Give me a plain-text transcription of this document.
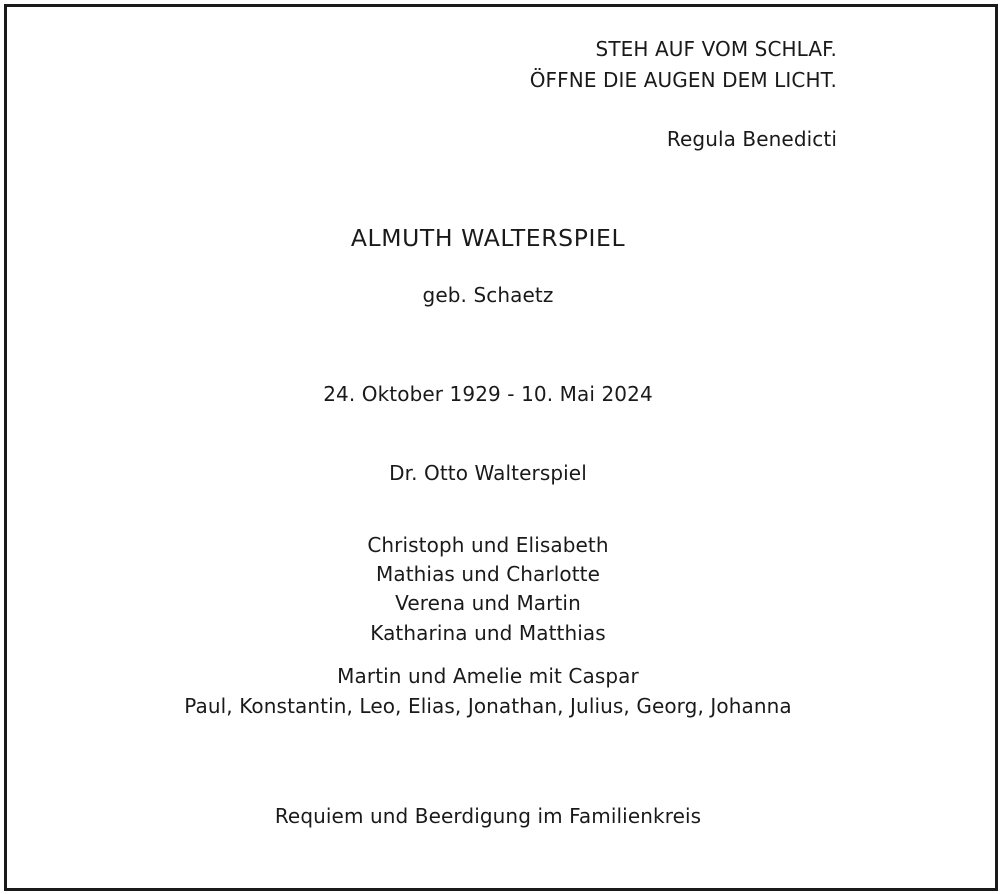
STEH AUF VOM SCHLAF.
ÖFFNE DIE AUGEN DEM LICHT.
Regula Benedicti
ALMUTH WALTERSPIEL
geb. Schaetz
24. Oktober 1929 - 10. Mai 2024
Dr. Otto Walterspiel
Christoph und Elisabeth
Mathias und Charlotte
Verena und Martin
Katharina und Matthias
Martin und Amelie mit Caspar
Paul, Konstantin, Leo, Elias, Jonathan, Julius, Georg, Johanna
Requiem und Beerdigung im Familienkreis
